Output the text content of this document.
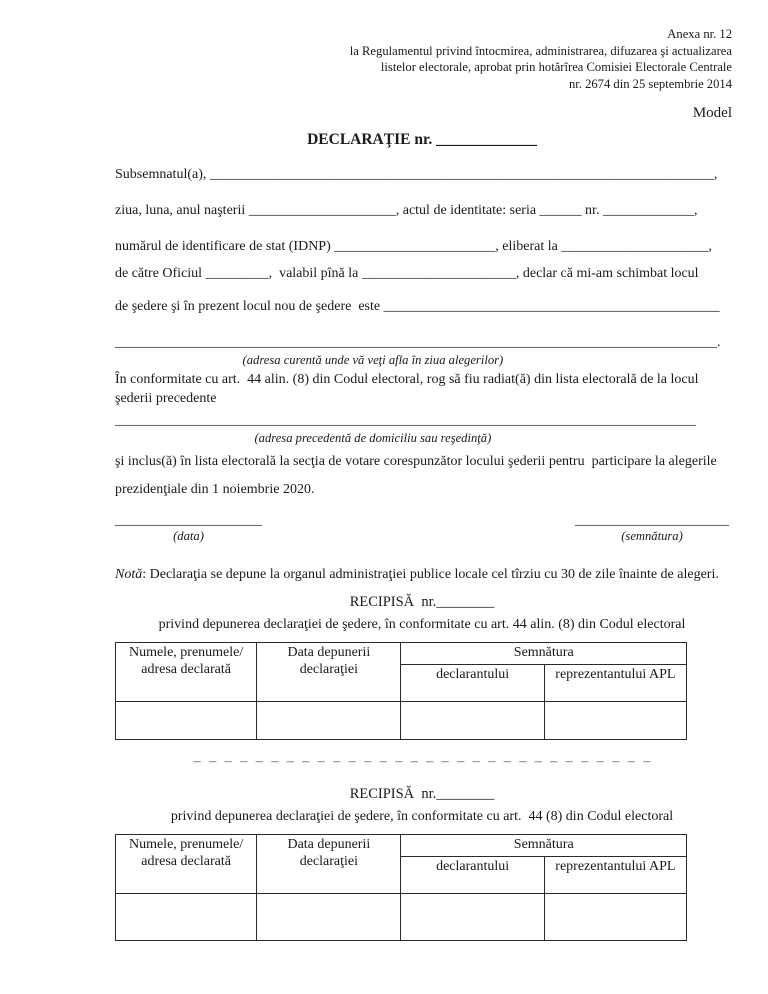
Anexa nr. 12
la Regulamentul privind întocmirea, administrarea, difuzarea şi actualizarea
listelor electorale, aprobat prin hotărîrea Comisiei Electorale Centrale
nr. 2674 din 25 septembrie 2014
Model
DECLARAŢIE nr. _____________
Subsemnatul(a), ________________________________________________________________________,
ziua, luna, anul naşterii _____________________, actul de identitate: seria ______ nr. _____________,
numărul de identificare de stat (IDNP) _______________________, eliberat la _____________________,
de către Oficiul _________,  valabil pînă la ______________________, declar că mi-am schimbat locul
de şedere şi în prezent locul nou de şedere  este ________________________________________________
______________________________________________________________________________________.
(adresa curentă unde vă veţi afla în ziua alegerilor)
În conformitate cu art.  44 alin. (8) din Codul electoral, rog să fiu radiat(ă) din lista electorală de la locul  şederii precedente
___________________________________________________________________________________
(adresa precedentă de domiciliu sau reşedinţă)
şi inclus(ă) în lista electorală la secţia de votare corespunzător locului şederii pentru  participare la alegerile prezidenţiale din 1 noiembrie 2020.
_____________________
(data)
______________________
(semnătura)
Notă: Declaraţia se depune la organul administraţiei publice locale cel tîrziu cu 30 de zile înainte de alegeri.
RECIPISĂ  nr.________
privind depunerea declaraţiei de şedere, în conformitate cu art. 44 alin. (8) din Codul electoral
Numele, prenumele/ adresa declarată	Data depunerii declaraţiei	Semnătura	
		declarantului	reprezentantului APL

– – – – – – – – – – – – – – – – – – – – – – – – – – – – – –
RECIPISĂ  nr.________
privind depunerea declaraţiei de şedere, în conformitate cu art.  44 (8) din Codul electoral
Numele, prenumele/ adresa declarată	Data depunerii declaraţiei	Semnătura	
		declarantului	reprezentantului APL
